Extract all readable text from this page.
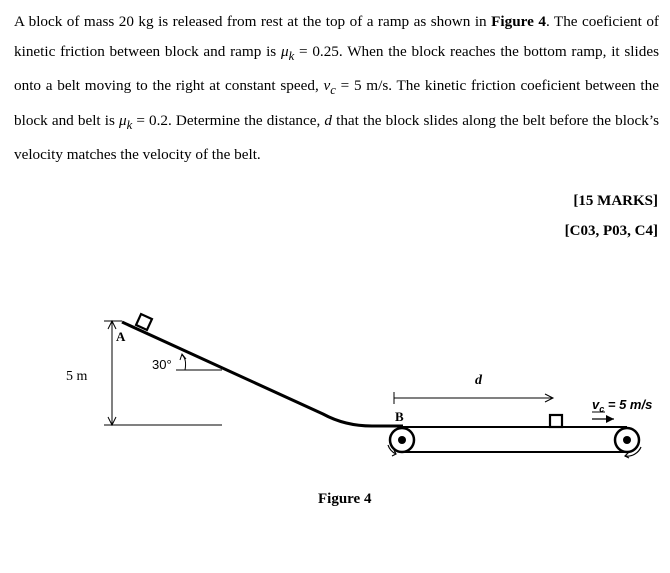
A block of mass 20 kg is released from rest at the top of a ramp as shown in Figure 4. The coeficient of kinetic friction between block and ramp is $\mu_k = 0.25$. When the block reaches the bottom ramp, it slides onto a belt moving to the right at constant speed, $v_c = 5$ m/s. The kinetic friction coeficient between the block and belt is $\mu_k = 0.2$. Determine the distance, d that the block slides along the belt before the block’s velocity matches the velocity of the belt.
[15 MARKS]
[C03, P03, C4]
5 m
A
30°
d
B
$v_c = 5$ m/s
Figure 4
